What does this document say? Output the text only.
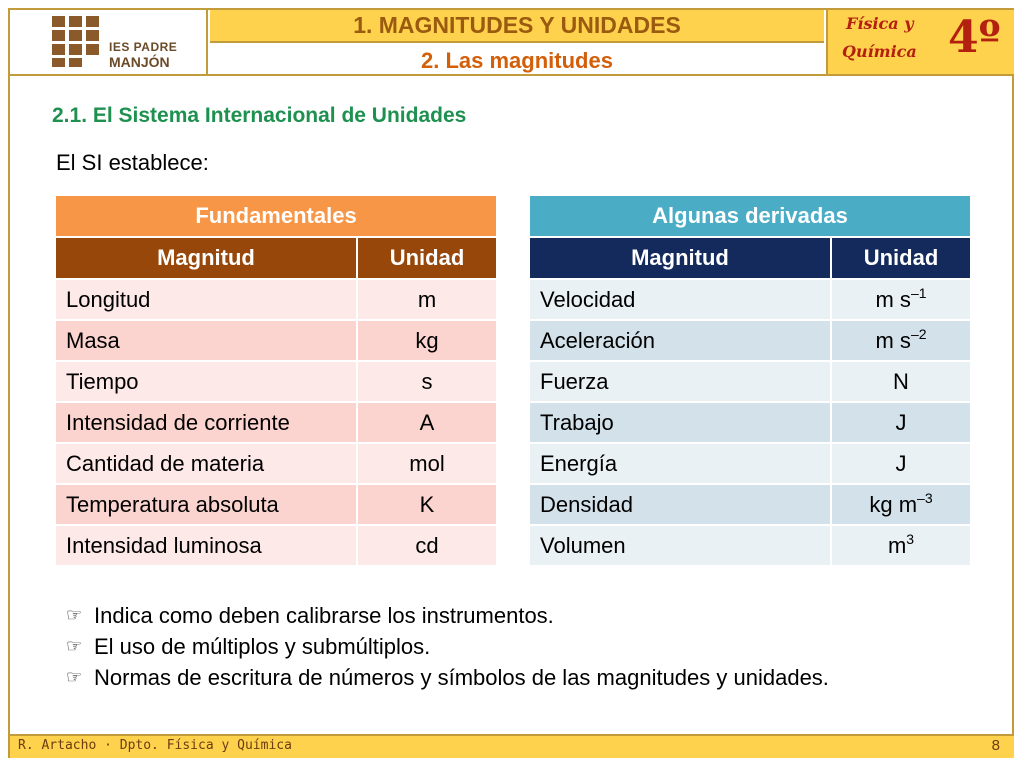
IES PADRE
MANJÓN
1. MAGNITUDES Y UNIDADES
2. Las magnitudes
Física y
Química 4º
2.1. El Sistema Internacional de Unidades
El SI establece:
Fundamentales	
Magnitud	Unidad
Longitud	m
Masa	kg
Tiempo	s
Intensidad de corriente	A
Cantidad de materia	mol
Temperatura absoluta	K
Intensidad luminosa	cd
Algunas derivadas	
Magnitud	Unidad
Velocidad	m $s^{-1}$
Aceleración	m $s^{-2}$
Fuerza	N
Trabajo	J
Energía	J
Densidad	kg $m^{-3}$
Volumen	$m^3$
☞ Indica como deben calibrarse los instrumentos.
☞ El uso de múltiplos y submúltiplos.
☞ Normas de escritura de números y símbolos de las magnitudes y unidades.
R. Artacho · Dpto. Física y Química	8
